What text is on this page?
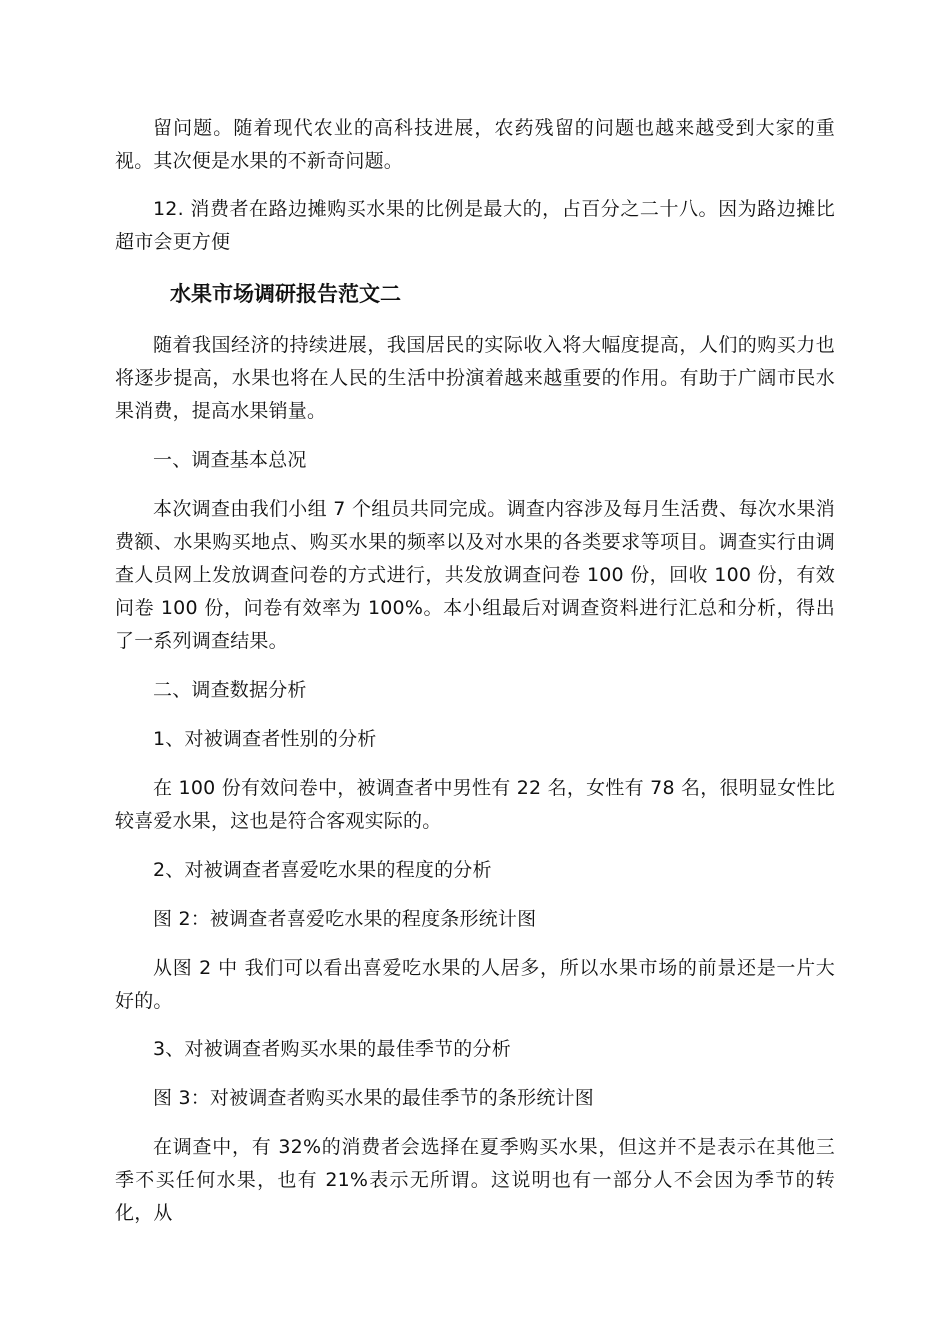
留问题。随着现代农业的高科技进展，农药残留的问题也越来越受到大家的重视。其次便是水果的不新奇问题。

12. 消费者在路边摊购买水果的比例是最大的，占百分之二十八。因为路边摊比超市会更方便

水果市场调研报告范文二

随着我国经济的持续进展，我国居民的实际收入将大幅度提高，人们的购买力也将逐步提高，水果也将在人民的生活中扮演着越来越重要的作用。有助于广阔市民水果消费，提高水果销量。

一、调查基本总况

本次调查由我们小组 7 个组员共同完成。调查内容涉及每月生活费、每次水果消费额、水果购买地点、购买水果的频率以及对水果的各类要求等项目。调查实行由调查人员网上发放调查问卷的方式进行，共发放调查问卷 100 份，回收 100 份，有效问卷 100 份，问卷有效率为 100%。本小组最后对调查资料进行汇总和分析，得出了一系列调查结果。

二、调查数据分析

1、对被调查者性别的分析

在 100 份有效问卷中，被调查者中男性有 22 名，女性有 78 名，很明显女性比较喜爱水果，这也是符合客观实际的。

2、对被调查者喜爱吃水果的程度的分析

图 2：被调查者喜爱吃水果的程度条形统计图

从图 2 中 我们可以看出喜爱吃水果的人居多，所以水果市场的前景还是一片大好的。

3、对被调查者购买水果的最佳季节的分析

图 3：对被调查者购买水果的最佳季节的条形统计图

在调查中，有 32%的消费者会选择在夏季购买水果，但这并不是表示在其他三季不买任何水果，也有 21%表示无所谓。这说明也有一部分人不会因为季节的转化，从
